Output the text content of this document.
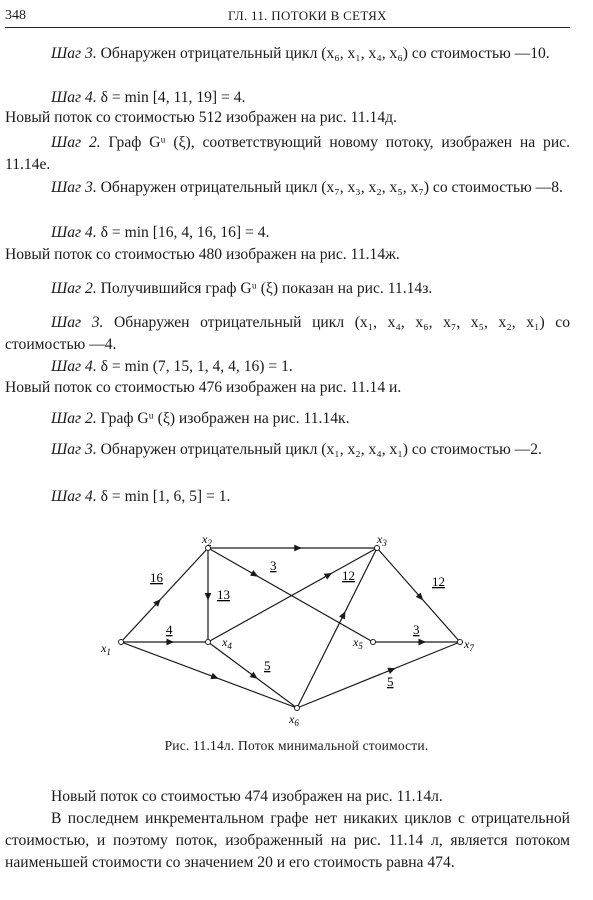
348	ГЛ. 11. ПОТОКИ В СЕТЯХ

Шаг 3. Обнаружен отрицательный цикл (x₆, x₁, x₄, x₆) со стоимостью —10.

Шаг 4. δ = min [4, 11, 19] = 4.

Новый поток со стоимостью 512 изображен на рис. 11.14д.

Шаг 2. Граф Gᵘ (ξ), соответствующий новому потоку, изображен на рис. 11.14е.

Шаг 3. Обнаружен отрицательный цикл (x₇, x₃, x₂, x₅, x₇) со стоимостью —8.

Шаг 4. δ = min [16, 4, 16, 16] = 4.

Новый поток со стоимостью 480 изображен на рис. 11.14ж.

Шаг 2. Получившийся граф Gᵘ (ξ) показан на рис. 11.14з.

Шаг 3. Обнаружен отрицательный цикл (x₁, x₄, x₆, x₇, x₅, x₂, x₁) со стоимостью —4.

Шаг 4. δ = min (7, 15, 1, 4, 4, 16) = 1.

Новый поток со стоимостью 476 изображен на рис. 11.14 и.

Шаг 2. Граф Gᵘ (ξ) изображен на рис. 11.14к.

Шаг 3. Обнаружен отрицательный цикл (x₁, x₂, x₄, x₁) со стоимостью —2.

Шаг 4. δ = min [1, 6, 5] = 1.

16
4
13
3
12
5
12
3
5
$x_1$
$x_2$	$x_3$
$x_4$	$x_5$
$x_6$
$x_7$
Рис. 11.14л. Поток минимальной стоимости.

Новый поток со стоимостью 474 изображен на рис. 11.14л.

В последнем инкрементальном графе нет никаких циклов с отрицательной стоимостью, и поэтому поток, изображенный на рис. 11.14 л, является потоком наименьшей стоимости со значением 20 и его стоимость равна 474.
